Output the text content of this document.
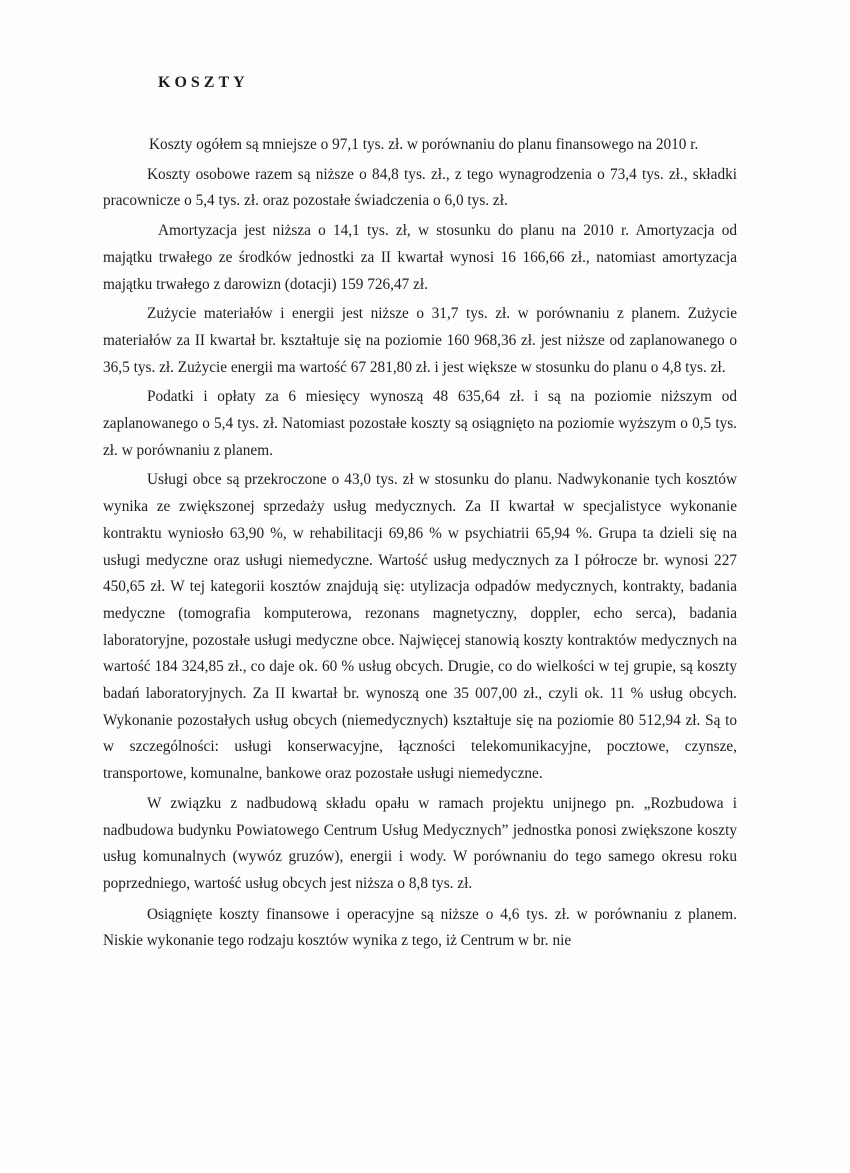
KOSZTY

Koszty ogółem są mniejsze o 97,1 tys. zł. w porównaniu do planu finansowego na 2010 r.

Koszty osobowe razem są niższe o 84,8 tys. zł., z tego wynagrodzenia o 73,4 tys. zł., składki pracownicze o 5,4 tys. zł. oraz pozostałe świadczenia o 6,0 tys. zł.

Amortyzacja jest niższa o 14,1 tys. zł, w stosunku do planu na 2010 r. Amortyzacja od majątku trwałego ze środków jednostki za II kwartał wynosi 16 166,66 zł., natomiast amortyzacja majątku trwałego z darowizn (dotacji) 159 726,47 zł.

Zużycie materiałów i energii jest niższe o 31,7 tys. zł. w porównaniu z planem. Zużycie materiałów za II kwartał br. kształtuje się na poziomie 160 968,36 zł. jest niższe od zaplanowanego o 36,5 tys. zł. Zużycie energii ma wartość 67 281,80 zł. i jest większe w stosunku do planu o 4,8 tys. zł.

Podatki i opłaty za 6 miesięcy wynoszą 48 635,64 zł. i są na poziomie niższym od zaplanowanego o 5,4 tys. zł. Natomiast pozostałe koszty są osiągnięto na poziomie wyższym o 0,5 tys. zł. w porównaniu z planem.

Usługi obce są przekroczone o 43,0 tys. zł w stosunku do planu. Nadwykonanie tych kosztów wynika ze zwiększonej sprzedaży usług medycznych. Za II kwartał w specjalistyce wykonanie kontraktu wyniosło 63,90 %, w rehabilitacji 69,86 % w psychiatrii 65,94 %. Grupa ta dzieli się na usługi medyczne oraz usługi niemedyczne. Wartość usług medycznych za I półrocze br. wynosi 227 450,65 zł. W tej kategorii kosztów znajdują się: utylizacja odpadów medycznych, kontrakty, badania medyczne (tomografia komputerowa, rezonans magnetyczny, doppler, echo serca), badania laboratoryjne, pozostałe usługi medyczne obce. Najwięcej stanowią koszty kontraktów medycznych na wartość 184 324,85 zł., co daje ok. 60 % usług obcych. Drugie, co do wielkości w tej grupie, są koszty badań laboratoryjnych. Za II kwartał br. wynoszą one 35 007,00 zł., czyli ok. 11 % usług obcych. Wykonanie pozostałych usług obcych (niemedycznych) kształtuje się na poziomie 80 512,94 zł. Są to w szczególności: usługi konserwacyjne, łączności telekomunikacyjne, pocztowe, czynsze, transportowe, komunalne, bankowe oraz pozostałe usługi niemedyczne.

W związku z nadbudową składu opału w ramach projektu unijnego pn. „Rozbudowa i nadbudowa budynku Powiatowego Centrum Usług Medycznych” jednostka ponosi zwiększone koszty usług komunalnych (wywóz gruzów), energii i wody. W porównaniu do tego samego okresu roku poprzedniego, wartość usług obcych jest niższa o 8,8 tys. zł.

Osiągnięte koszty finansowe i operacyjne są niższe o 4,6 tys. zł. w porównaniu z planem. Niskie wykonanie tego rodzaju kosztów wynika z tego, iż Centrum w br. nie
